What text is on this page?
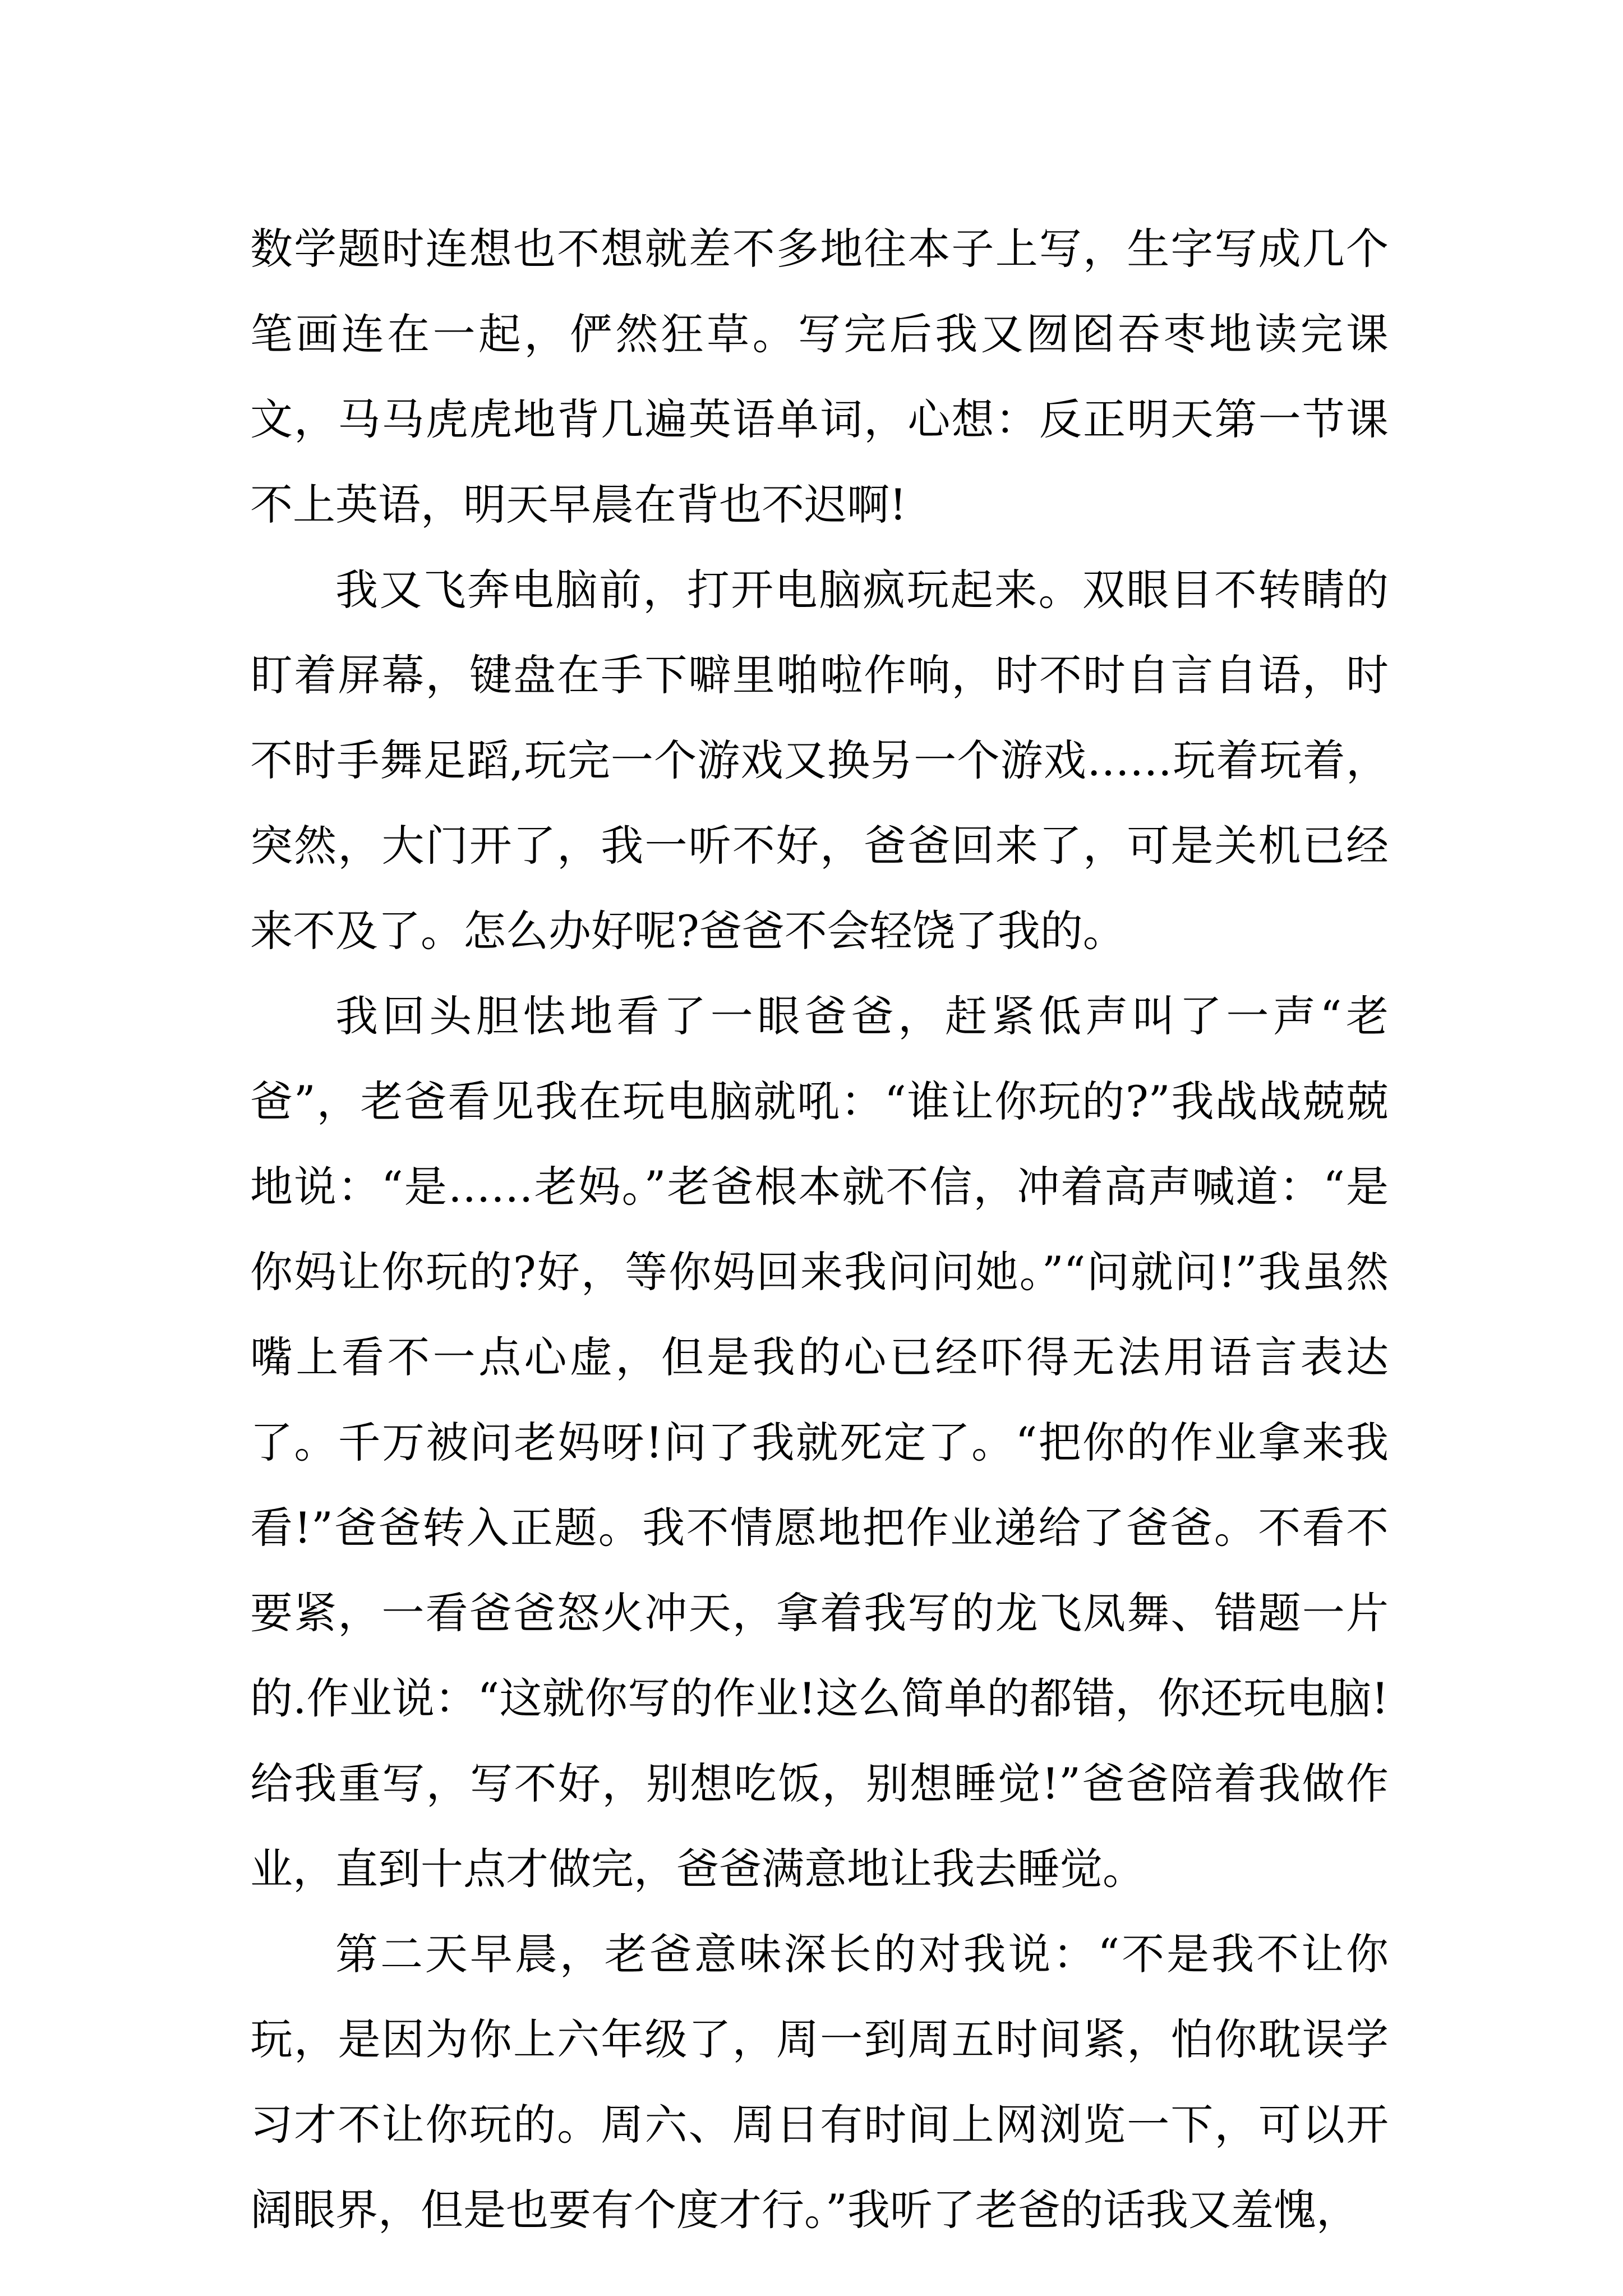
数学题时连想也不想就差不多地往本子上写，生字写成几个笔画连在一起，俨然狂草。写完后我又囫囵吞枣地读完课文，马马虎虎地背几遍英语单词，心想：反正明天第一节课不上英语，明天早晨在背也不迟啊!

我又飞奔电脑前，打开电脑疯玩起来。双眼目不转睛的盯着屏幕，键盘在手下噼里啪啦作响，时不时自言自语，时不时手舞足蹈,玩完一个游戏又换另一个游戏……玩着玩着，突然，大门开了，我一听不好，爸爸回来了，可是关机已经来不及了。怎么办好呢?爸爸不会轻饶了我的。

我回头胆怯地看了一眼爸爸，赶紧低声叫了一声“老爸”，老爸看见我在玩电脑就吼：“谁让你玩的?”我战战兢兢地说：“是……老妈。”老爸根本就不信，冲着高声喊道：“是你妈让你玩的?好，等你妈回来我问问她。”“问就问!”我虽然嘴上看不一点心虚，但是我的心已经吓得无法用语言表达了。千万被问老妈呀!问了我就死定了。“把你的作业拿来我看!”爸爸转入正题。我不情愿地把作业递给了爸爸。不看不要紧，一看爸爸怒火冲天，拿着我写的龙飞凤舞、错题一片的.作业说：“这就你写的作业!这么简单的都错，你还玩电脑!给我重写，写不好，别想吃饭，别想睡觉!”爸爸陪着我做作业，直到十点才做完，爸爸满意地让我去睡觉。

第二天早晨，老爸意味深长的对我说：“不是我不让你玩，是因为你上六年级了，周一到周五时间紧，怕你耽误学习才不让你玩的。周六、周日有时间上网浏览一下，可以开阔眼界，但是也要有个度才行。”我听了老爸的话我又羞愧，
